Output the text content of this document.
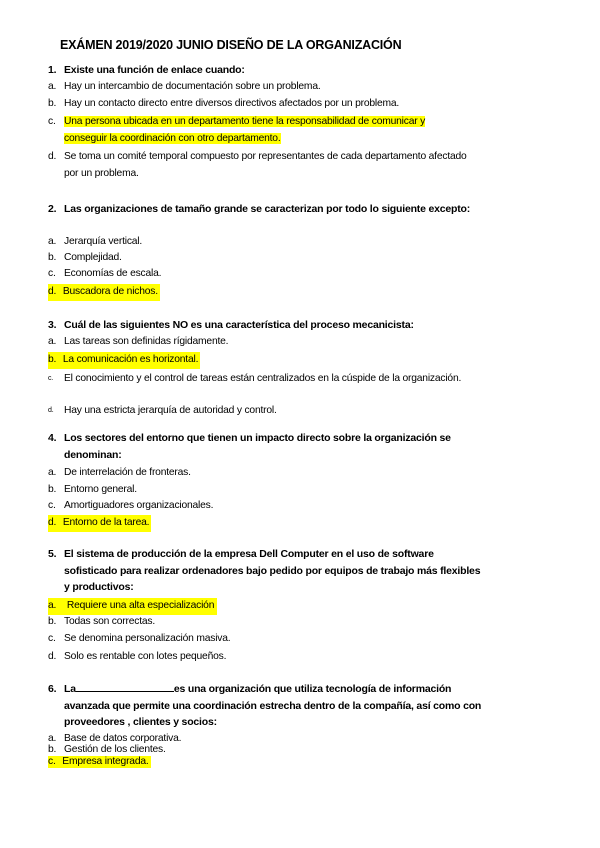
EXÁMEN 2019/2020 JUNIO DISEÑO DE LA ORGANIZACIÓN
1. Existe una función de enlace cuando:
a. Hay un intercambio de documentación sobre un problema.
b. Hay un contacto directo entre diversos directivos afectados por un problema.
c. Una persona ubicada en un departamento tiene la responsabilidad de comunicar y conseguir la coordinación con otro departamento.
d. Se toma un comité temporal compuesto por representantes de cada departamento afectado por un problema.
2. Las organizaciones de tamaño grande se caracterizan por todo lo siguiente excepto:
a. Jerarquía vertical.
b. Complejidad.
c. Economías de escala.
d. Buscadora de nichos.
3. Cuál de las siguientes NO es una característica del proceso mecanicista:
a. Las tareas son definidas rígidamente.
b. La comunicación es horizontal.
c. El conocimiento y el control de tareas están centralizados en la cúspide de la organización.
d. Hay una estricta jerarquía de autoridad y control.
4. Los sectores del entorno que tienen un impacto directo sobre la organización se denominan:
a. De interrelación de fronteras.
b. Entorno general.
c. Amortiguadores organizacionales.
d. Entorno de la tarea.
5. El sistema de producción de la empresa Dell Computer en el uso de software sofisticado para realizar ordenadores bajo pedido por equipos de trabajo más flexibles y productivos:
a. Requiere una alta especialización
b. Todas son correctas.
c. Se denomina personalización masiva.
d. Solo es rentable con lotes pequeños.
6. La	es una organización que utiliza tecnología de información avanzada que permite una coordinación estrecha dentro de la compañía, así como con proveedores , clientes y socios:
a. Base de datos corporativa.
b. Gestión de los clientes.
c. Empresa integrada.
